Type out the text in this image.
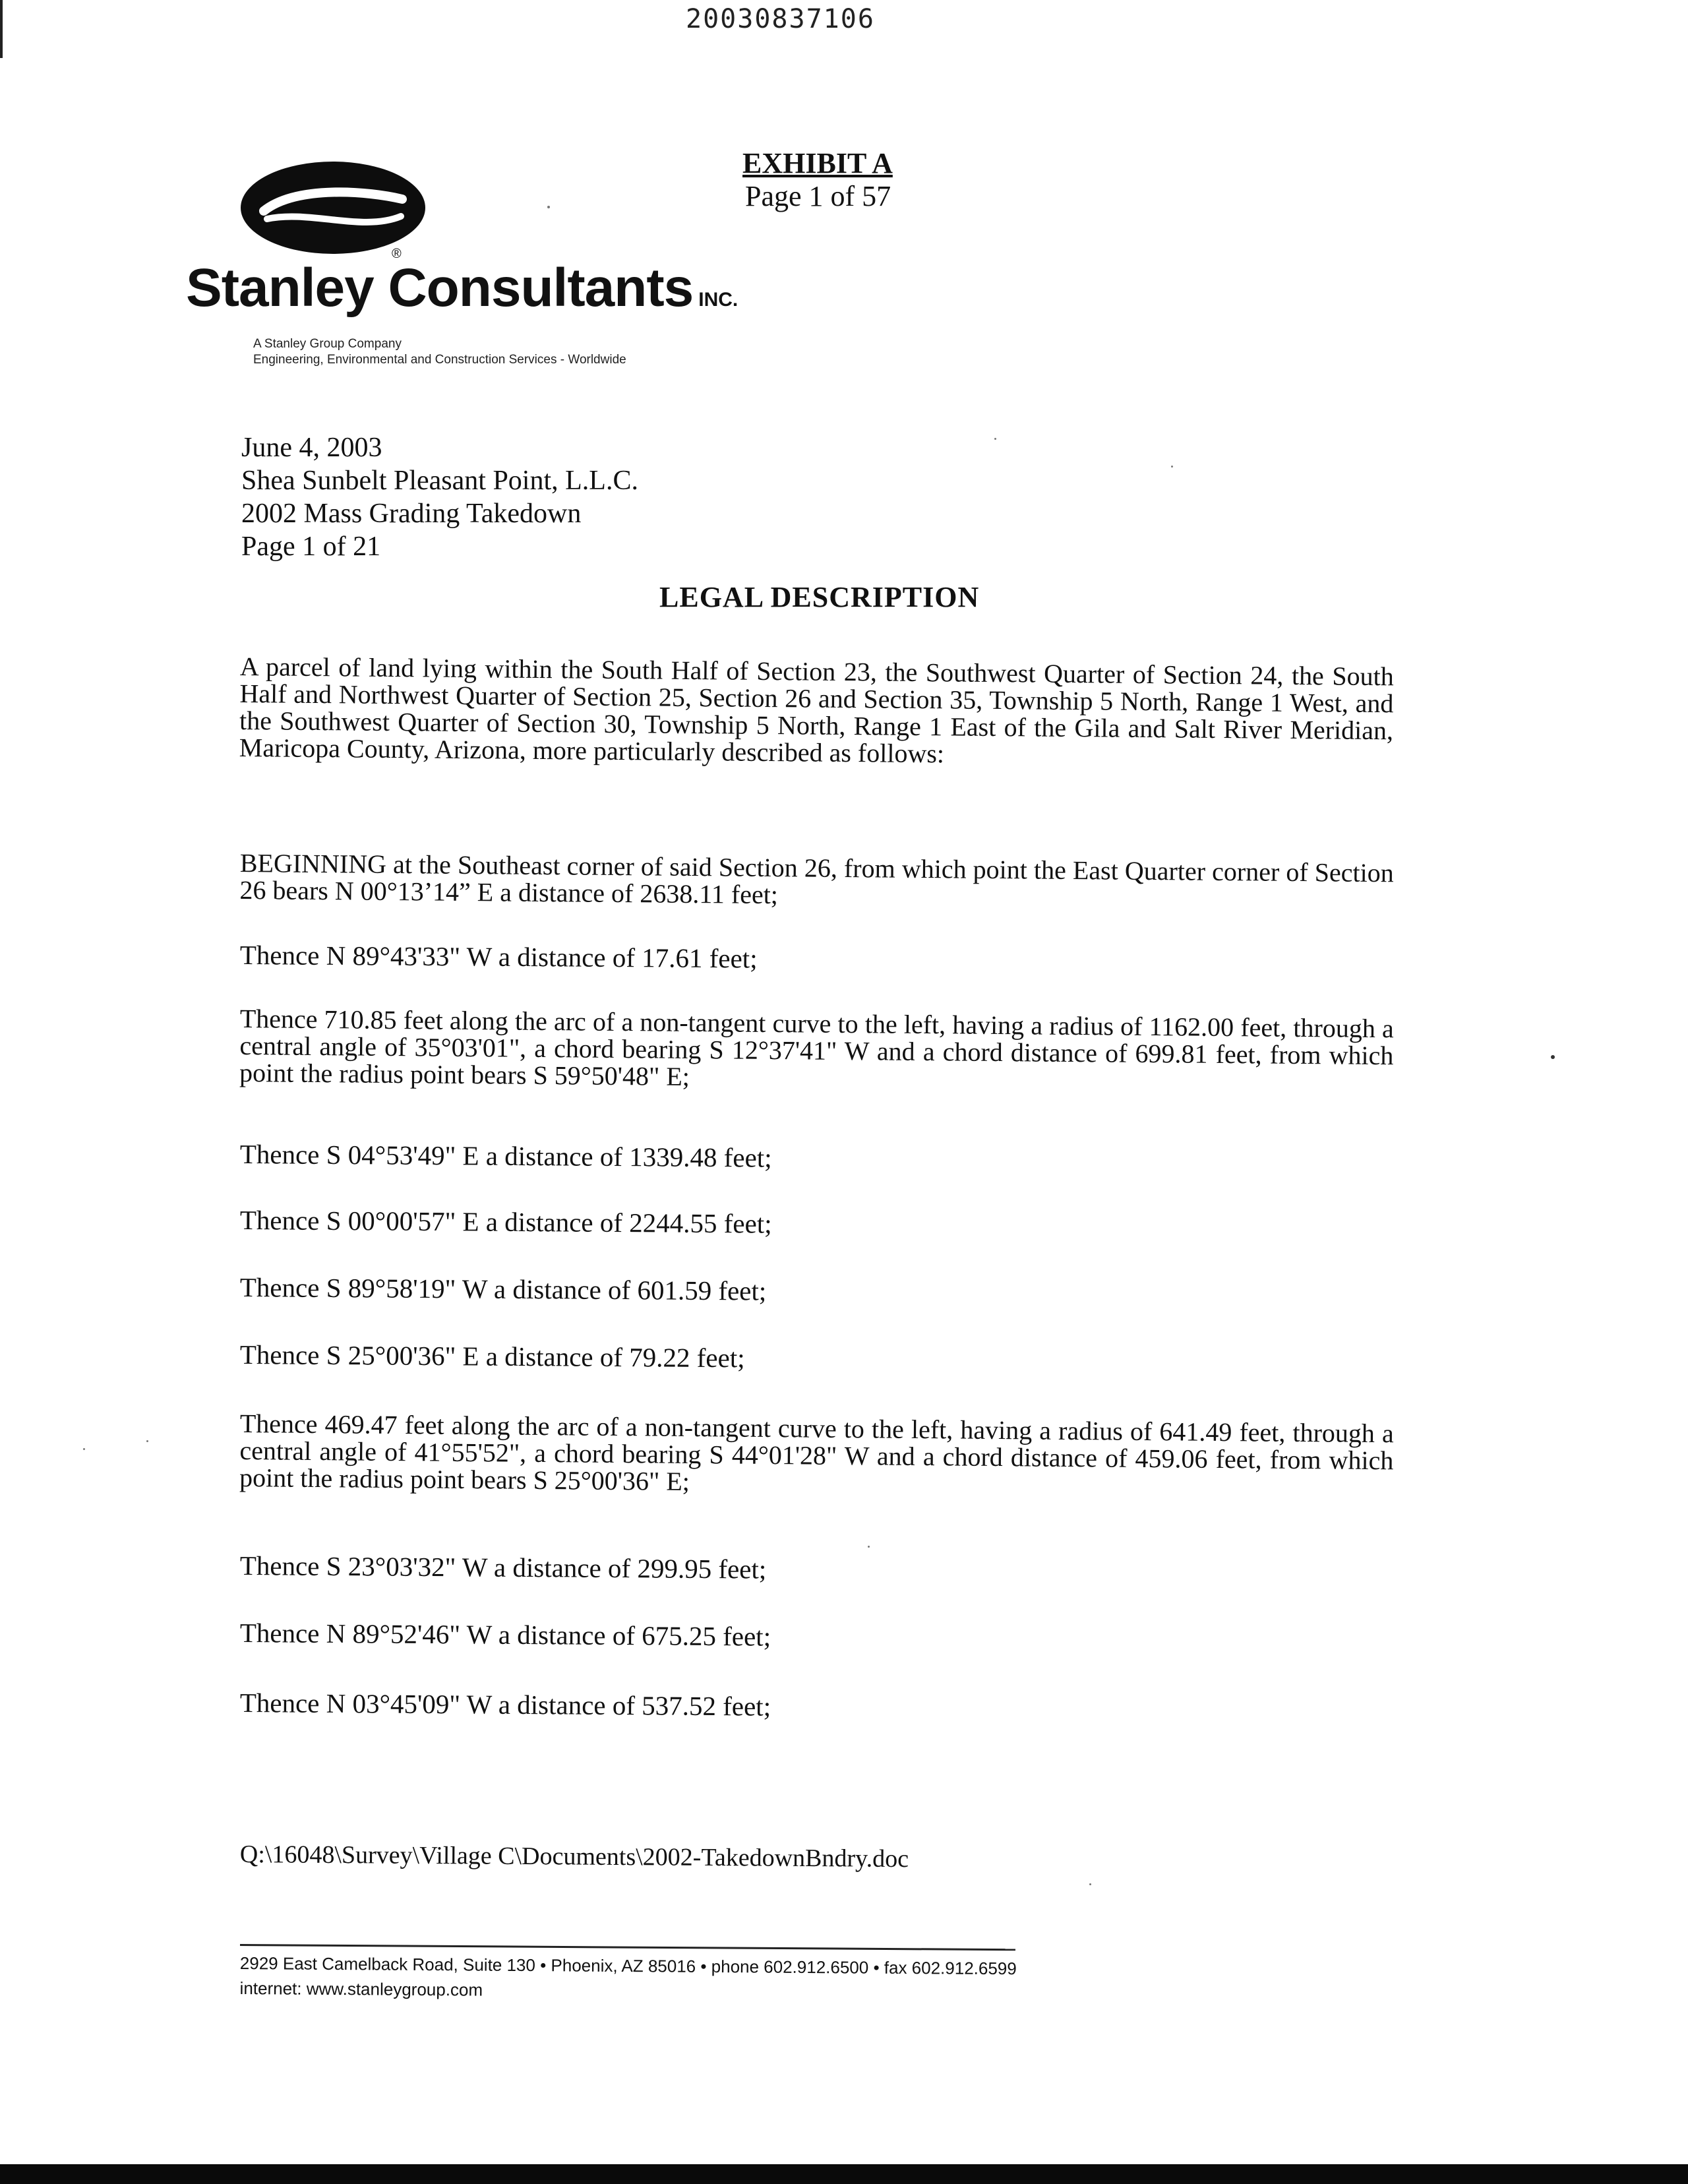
20030837106
EXHIBIT A
Page 1 of 57
®
Stanley Consultants INC.
A Stanley Group Company
Engineering, Environmental and Construction Services - Worldwide
June 4, 2003
Shea Sunbelt Pleasant Point, L.L.C.
2002 Mass Grading Takedown
Page 1 of 21
LEGAL DESCRIPTION
A parcel of land lying within the South Half of Section 23, the Southwest Quarter of Section 24, the South Half and Northwest Quarter of Section 25, Section 26 and Section 35, Township 5 North, Range 1 West, and the Southwest Quarter of Section 30, Township 5 North, Range 1 East of the Gila and Salt River Meridian, Maricopa County, Arizona, more particularly described as follows:
BEGINNING at the Southeast corner of said Section 26, from which point the East Quarter corner of Section 26 bears N 00°13’14” E a distance of 2638.11 feet;
Thence N 89°43'33" W a distance of 17.61 feet;
Thence 710.85 feet along the arc of a non-tangent curve to the left, having a radius of 1162.00 feet, through a central angle of 35°03'01", a chord bearing S 12°37'41" W and a chord distance of 699.81 feet, from which point the radius point bears S 59°50'48" E;
Thence S 04°53'49" E a distance of 1339.48 feet;
Thence S 00°00'57" E a distance of 2244.55 feet;
Thence S 89°58'19" W a distance of 601.59 feet;
Thence S 25°00'36" E a distance of 79.22 feet;
Thence 469.47 feet along the arc of a non-tangent curve to the left, having a radius of 641.49 feet, through a central angle of 41°55'52", a chord bearing S 44°01'28" W and a chord distance of 459.06 feet, from which point the radius point bears S 25°00'36" E;
Thence S 23°03'32" W a distance of 299.95 feet;
Thence N 89°52'46" W a distance of 675.25 feet;
Thence N 03°45'09" W a distance of 537.52 feet;
Q:\16048\Survey\Village C\Documents\2002-TakedownBndry.doc
2929 East Camelback Road, Suite 130 • Phoenix, AZ 85016 • phone 602.912.6500 • fax 602.912.6599
internet: www.stanleygroup.com
